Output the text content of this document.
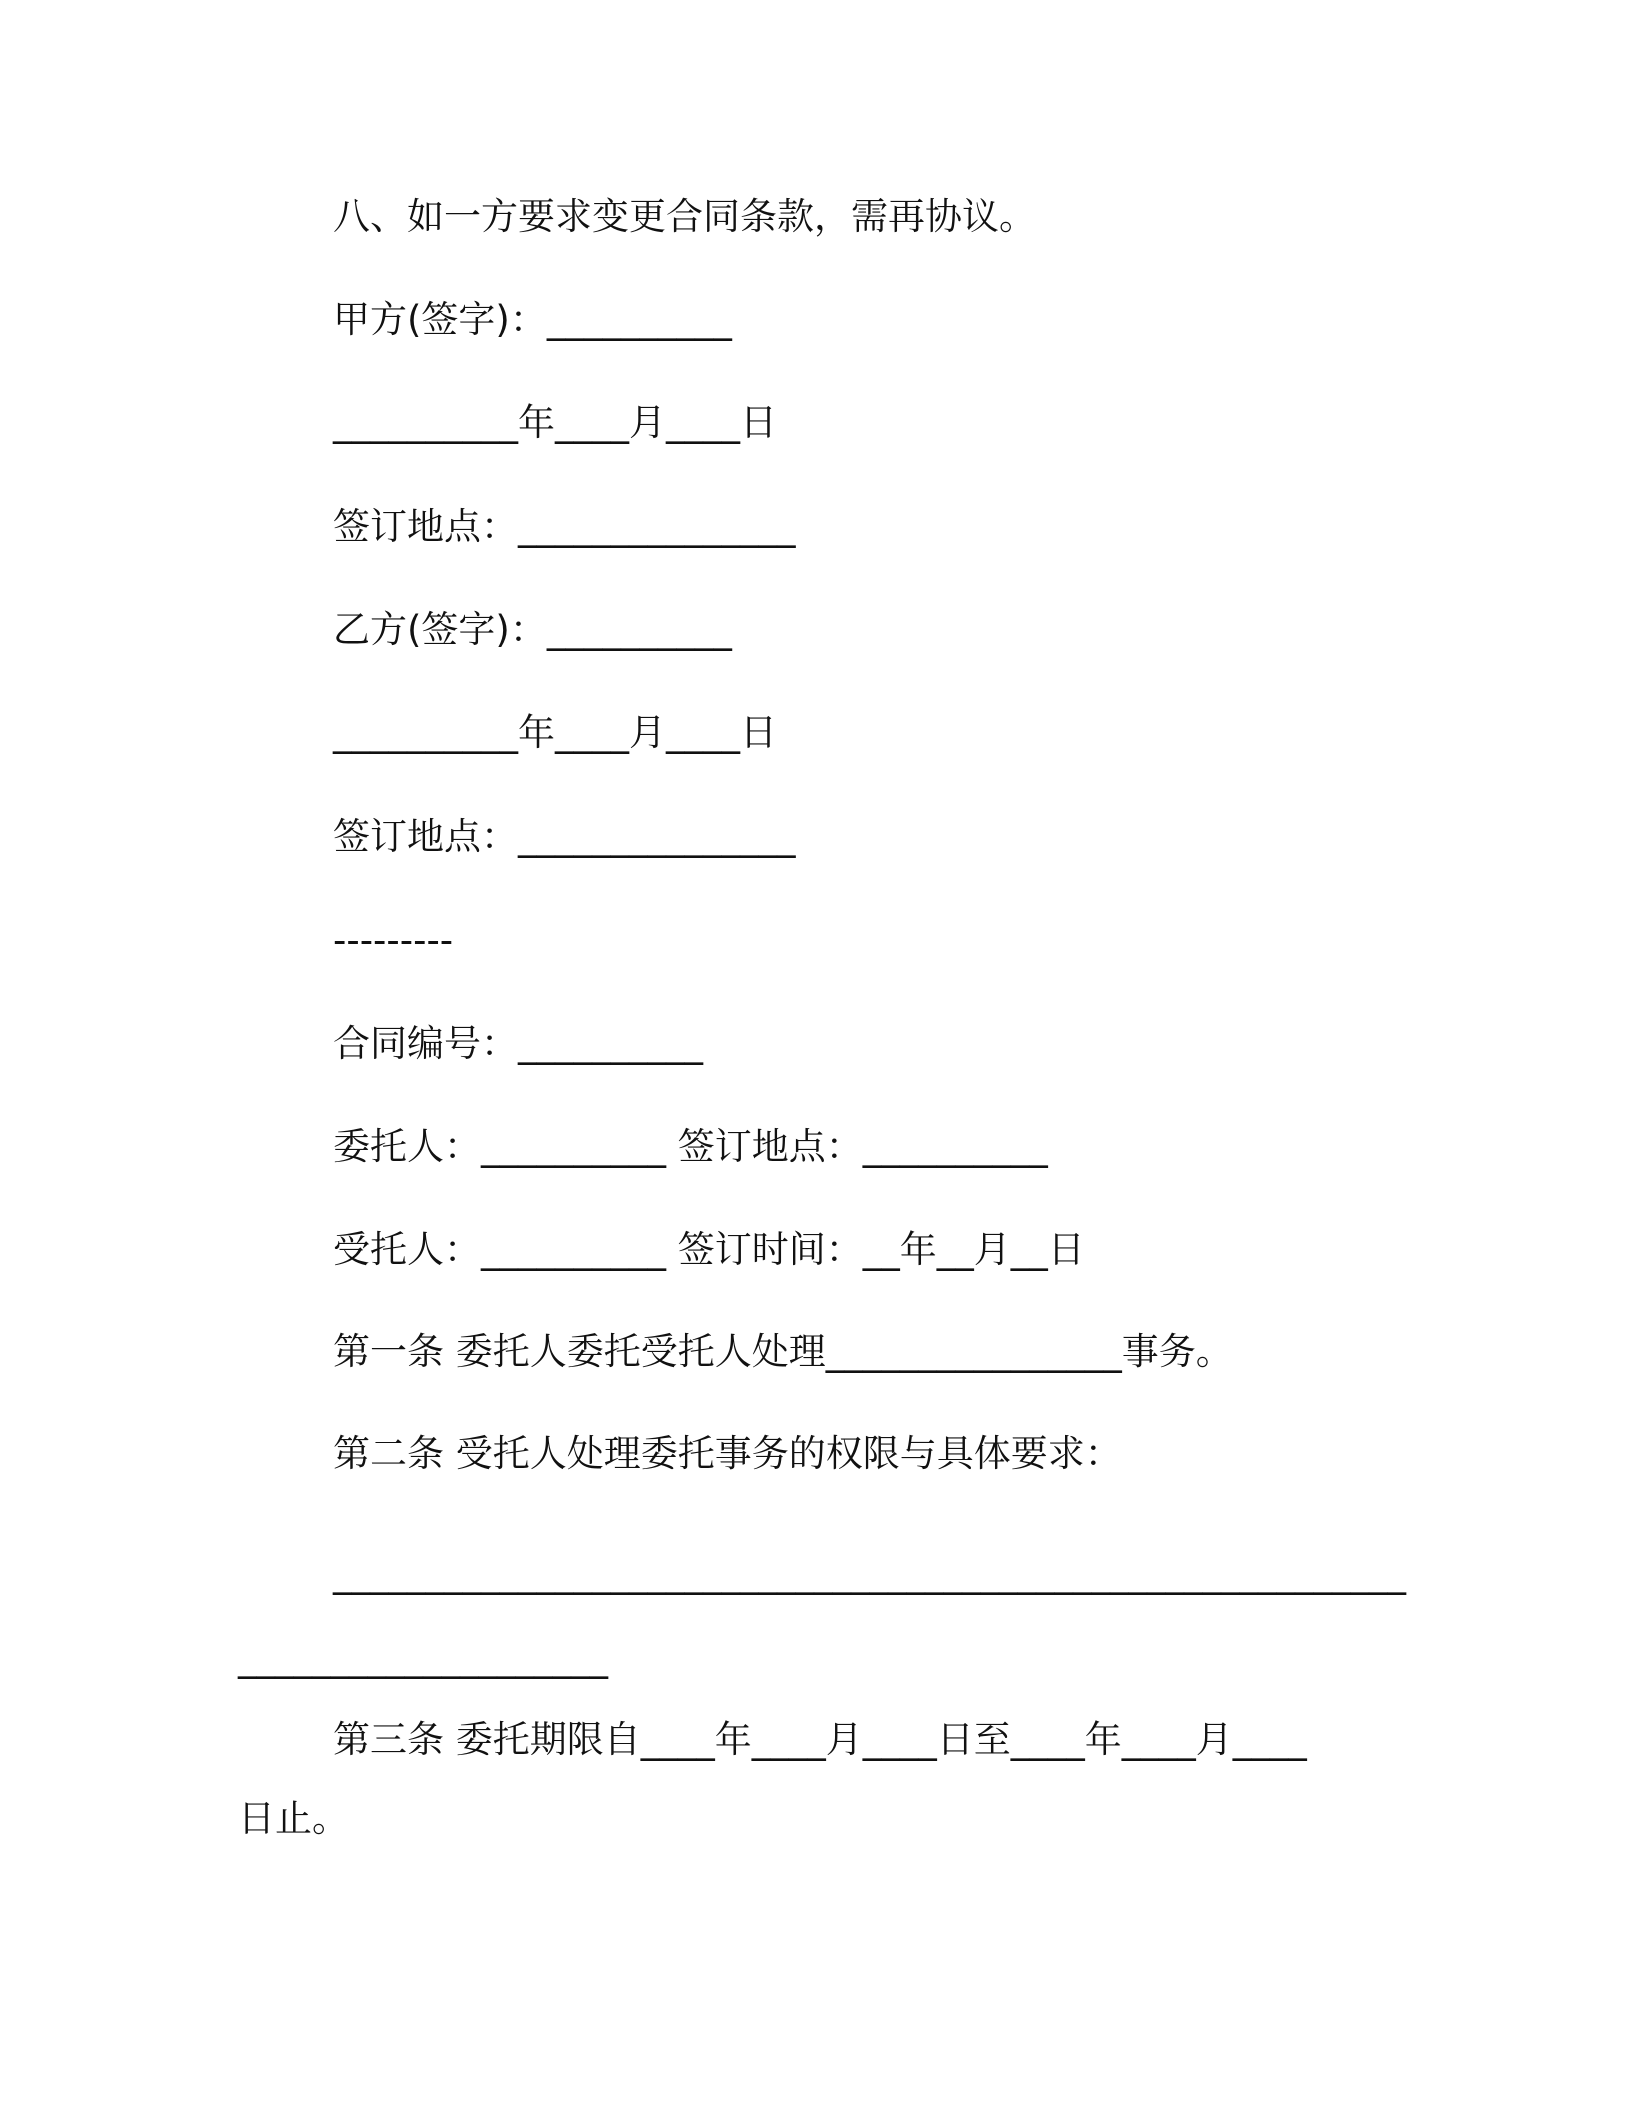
八、如一方要求变更合同条款，需再协议。

甲方(签字)：__________

__________年____月____日

签订地点：_______________

乙方(签字)：__________

__________年____月____日

签订地点：_______________

---------

合同编号：__________

委托人：__________ 签订地点：__________

受托人：__________ 签订时间：__年__月__日

第一条 委托人委托受托人处理________________事务。

第二条 受托人处理委托事务的权限与具体要求：

__________________________________________________________

____________________

第三条 委托期限自____年____月____日至____年____月____

日止。
